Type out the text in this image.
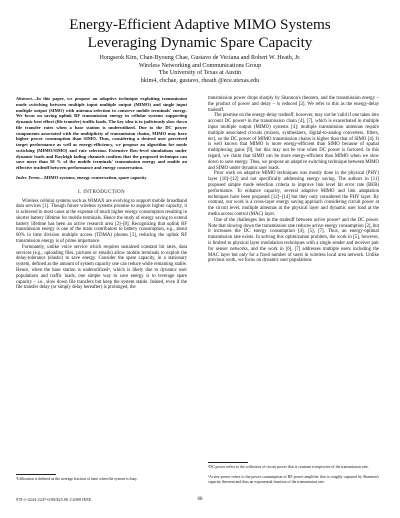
Energy-Efficient Adaptive MIMO Systems
Leveraging Dynamic Spare Capacity
Hongseok Kim, Chan-Byoung Chae, Gustavo de Veciana and Robert W. Heath, Jr.
Wireless Networking and Communications Group
The University of Texas at Austin
hkim4, cbchae, gustavo, rheath @ece.utexas.edu

Abstract—In this paper, we propose an adaptive technique exploiting transmission mode switching between multiple input multiple output (MIMO) and single input multiple output (SIMO) with antenna selection to conserve mobile terminals' energy. We focus on saving uplink RF transmission energy in cellular systems supporting dynamic best effort (file transfer) traffic loads. The key idea is to judiciously slow down file transfer rates when a base station is underutilized. Due to the DC power components associated with the multiplicity of transmission chains, MIMO may have higher power consumption than SIMO. Thus, considering a desired user perceived target performance as well as energy-efficiency, we propose an algorithm for mode switching (MIMO/SIMO) and rate selection. Extensive flow-level simulations under dynamic loads and Rayleigh fading channels confirm that the proposed technique can save more than 50 % of the mobile terminals' transmission energy and enable an effective tradeoff between performance and energy conservation.

Index Terms—MIMO systems, energy conservation, spare capacity

I. INTRODUCTION

Wireless cellular systems such as WiMAX are evolving to support mobile broadband data services [1]. Though future wireless systems promise to support higher capacity, it is achieved in most cases at the expense of much higher energy consumption resulting in shorter battery lifetime for mobile terminals. Hence the study of energy saving to extend battery lifetime has been an active research area [2]–[8]. Recognizing that uplink RF transmission energy is one of the main contributors to battery consumption, e.g., about 60% in time division multiple access (TDMA) phones [3], reducing the uplink RF transmission energy is of prime importance.

Fortunately, unlike voice service which requires sustained constant bit rates, data services (e.g., uploading files, pictures or emails) allow mobile terminals to exploit the delay-tolerance (elastic) to save energy. Consider the spare capacity, in a stationary system, defined as the amount of system capacity one can reduce while remaining stable. Hence, when the base station is underutilized¹, which is likely due to dynamic user populations and traffic loads, one simple way to save energy is to leverage spare capacity – i.e., slow down file transfers but keep the system stable. Indeed, even if the file transfer delay (or simply delay hereafter) is prolonged, the

¹Utilization is defined as the average fraction of time when the system is busy.

transmission power drops sharply by Shannon's theorem, and the transmission energy – the product of power and delay – is reduced [2]. We refer to this as the energy-delay tradeoff.

The premise on the energy-delay tradeoff, however, may not be valid if one takes into account DC power² in the transmission chain [4], [7], which is exacerbated in multiple input multiple output (MIMO) systems [4]; multiple transmission antennas require multiple associated circuits (mixers, synthesizers, digital-to-analog converters, filters, etc), so the DC power of MIMO transmission chains is higher than that of SIMO [4]. It is well known that MIMO is more energy-efficient than SIMO because of spatial multiplexing gains [9], but this may not be true when DC power is factored. In this regard, we claim that SIMO can be more energy-efficient than MIMO when we slow down to save energy. Thus, we propose an adaptive switching technique between MIMO and SIMO under dynamic user loads.

Prior work on adaptive MIMO techniques was mostly done in the physical (PHY) layer [10]–[12] and not specifically addressing energy saving. The authors in [11] proposed simple mode selection criteria to improve link level bit error rate (BER) performance. To enhance capacity, several adaptive MIMO and link adaptation techniques have been proposed [12]–[14] but they only considered the PHY layer. By contrast, our work is a cross-layer energy saving approach considering circuit power at the circuit level, multiple antennas at the physical layer and dynamic user load at the media access control (MAC) layer.

One of the challenges lies in the tradeoff between active power³ and the DC power. Note that slowing down the transmission rate reduces active energy consumption [2], but it increases the DC energy consumption [4], [5], [7]. Thus, an energy-optimal transmission rate exists. In solving this optimization problem, the work in [5], however, is limited to physical layer modulation techniques with a single sender and receiver pair for sensor networks, and the work in [6], [7] addresses multiple users including the MAC layer but only for a fixed number of users in wireless local area network. Unlike previous work, we focus on dynamic user populations

²DC power refers to the collection of circuit power that is constant irrespective of the transmission rate.
³Active power refers to the power consumption of RF power amplifier that is roughly captured by Shannon's capacity theorem and thus an exponential function of the transmission rate.
978-1-4244-2247-0/08/$25.00 ©2008 IEEE	68
